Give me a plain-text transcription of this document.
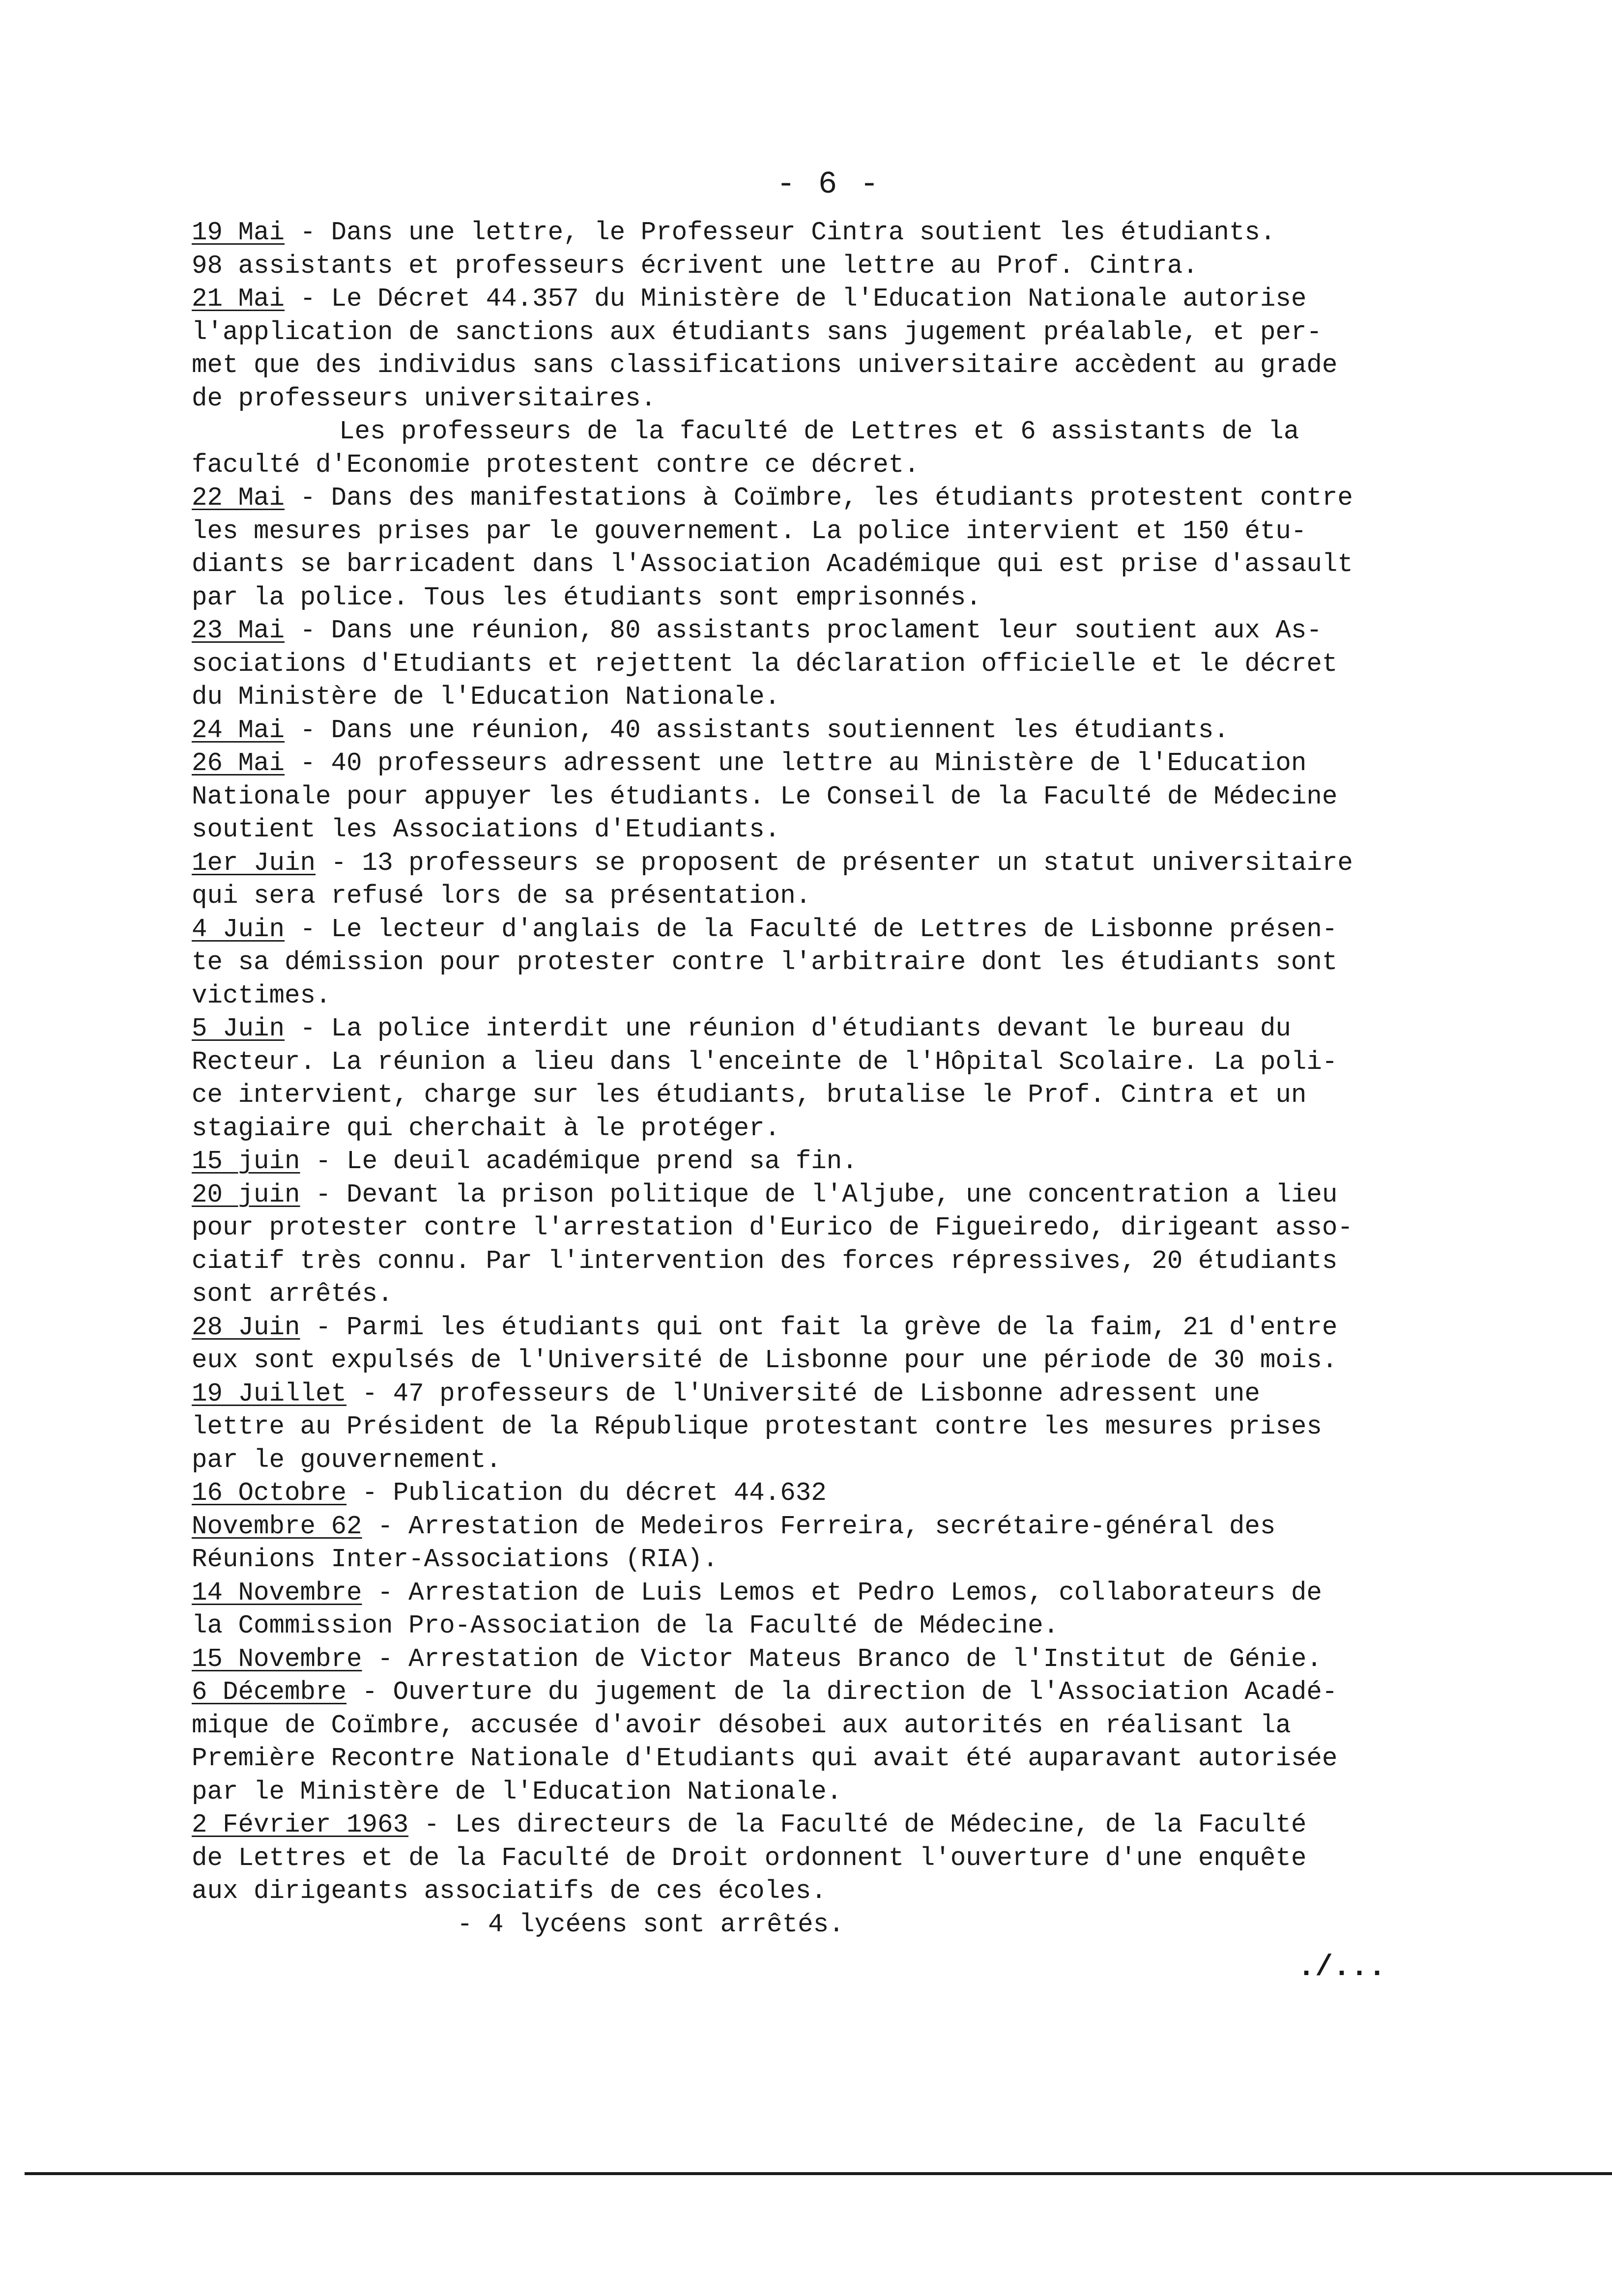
- 6 -
19 Mai - Dans une lettre, le Professeur Cintra soutient les étudiants.
98 assistants et professeurs écrivent une lettre au Prof. Cintra.
21 Mai - Le Décret 44.357 du Ministère de l'Education Nationale autorise
l'application de sanctions aux étudiants sans jugement préalable, et per-
met que des individus sans classifications universitaire accèdent au grade
de professeurs universitaires.
Les professeurs de la faculté de Lettres et 6 assistants de la
faculté d'Economie protestent contre ce décret.
22 Mai - Dans des manifestations à Coïmbre, les étudiants protestent contre
les mesures prises par le gouvernement. La police intervient et 150 étu-
diants se barricadent dans l'Association Académique qui est prise d'assault
par la police. Tous les étudiants sont emprisonnés.
23 Mai - Dans une réunion, 80 assistants proclament leur soutient aux As-
sociations d'Etudiants et rejettent la déclaration officielle et le décret
du Ministère de l'Education Nationale.
24 Mai - Dans une réunion, 40 assistants soutiennent les étudiants.
26 Mai - 40 professeurs adressent une lettre au Ministère de l'Education
Nationale pour appuyer les étudiants. Le Conseil de la Faculté de Médecine
soutient les Associations d'Etudiants.
1er Juin - 13 professeurs se proposent de présenter un statut universitaire
qui sera refusé lors de sa présentation.
4 Juin - Le lecteur d'anglais de la Faculté de Lettres de Lisbonne présen-
te sa démission pour protester contre l'arbitraire dont les étudiants sont
victimes.
5 Juin - La police interdit une réunion d'étudiants devant le bureau du
Recteur. La réunion a lieu dans l'enceinte de l'Hôpital Scolaire. La poli-
ce intervient, charge sur les étudiants, brutalise le Prof. Cintra et un
stagiaire qui cherchait à le protéger.
15 juin - Le deuil académique prend sa fin.
20 juin - Devant la prison politique de l'Aljube, une concentration a lieu
pour protester contre l'arrestation d'Eurico de Figueiredo, dirigeant asso-
ciatif très connu. Par l'intervention des forces répressives, 20 étudiants
sont arrêtés.
28 Juin - Parmi les étudiants qui ont fait la grève de la faim, 21 d'entre
eux sont expulsés de l'Université de Lisbonne pour une période de 30 mois.
19 Juillet - 47 professeurs de l'Université de Lisbonne adressent une
lettre au Président de la République protestant contre les mesures prises
par le gouvernement.
16 Octobre - Publication du décret 44.632
Novembre 62 - Arrestation de Medeiros Ferreira, secrétaire-général des
Réunions Inter-Associations (RIA).
14 Novembre - Arrestation de Luis Lemos et Pedro Lemos, collaborateurs de
la Commission Pro-Association de la Faculté de Médecine.
15 Novembre - Arrestation de Victor Mateus Branco de l'Institut de Génie.
6 Décembre - Ouverture du jugement de la direction de l'Association Acadé-
mique de Coïmbre, accusée d'avoir désobei aux autorités en réalisant la
Première Recontre Nationale d'Etudiants qui avait été auparavant autorisée
par le Ministère de l'Education Nationale.
2 Février 1963 - Les directeurs de la Faculté de Médecine, de la Faculté
de Lettres et de la Faculté de Droit ordonnent l'ouverture d'une enquête
aux dirigeants associatifs de ces écoles.
- 4 lycéens sont arrêtés.
./...
